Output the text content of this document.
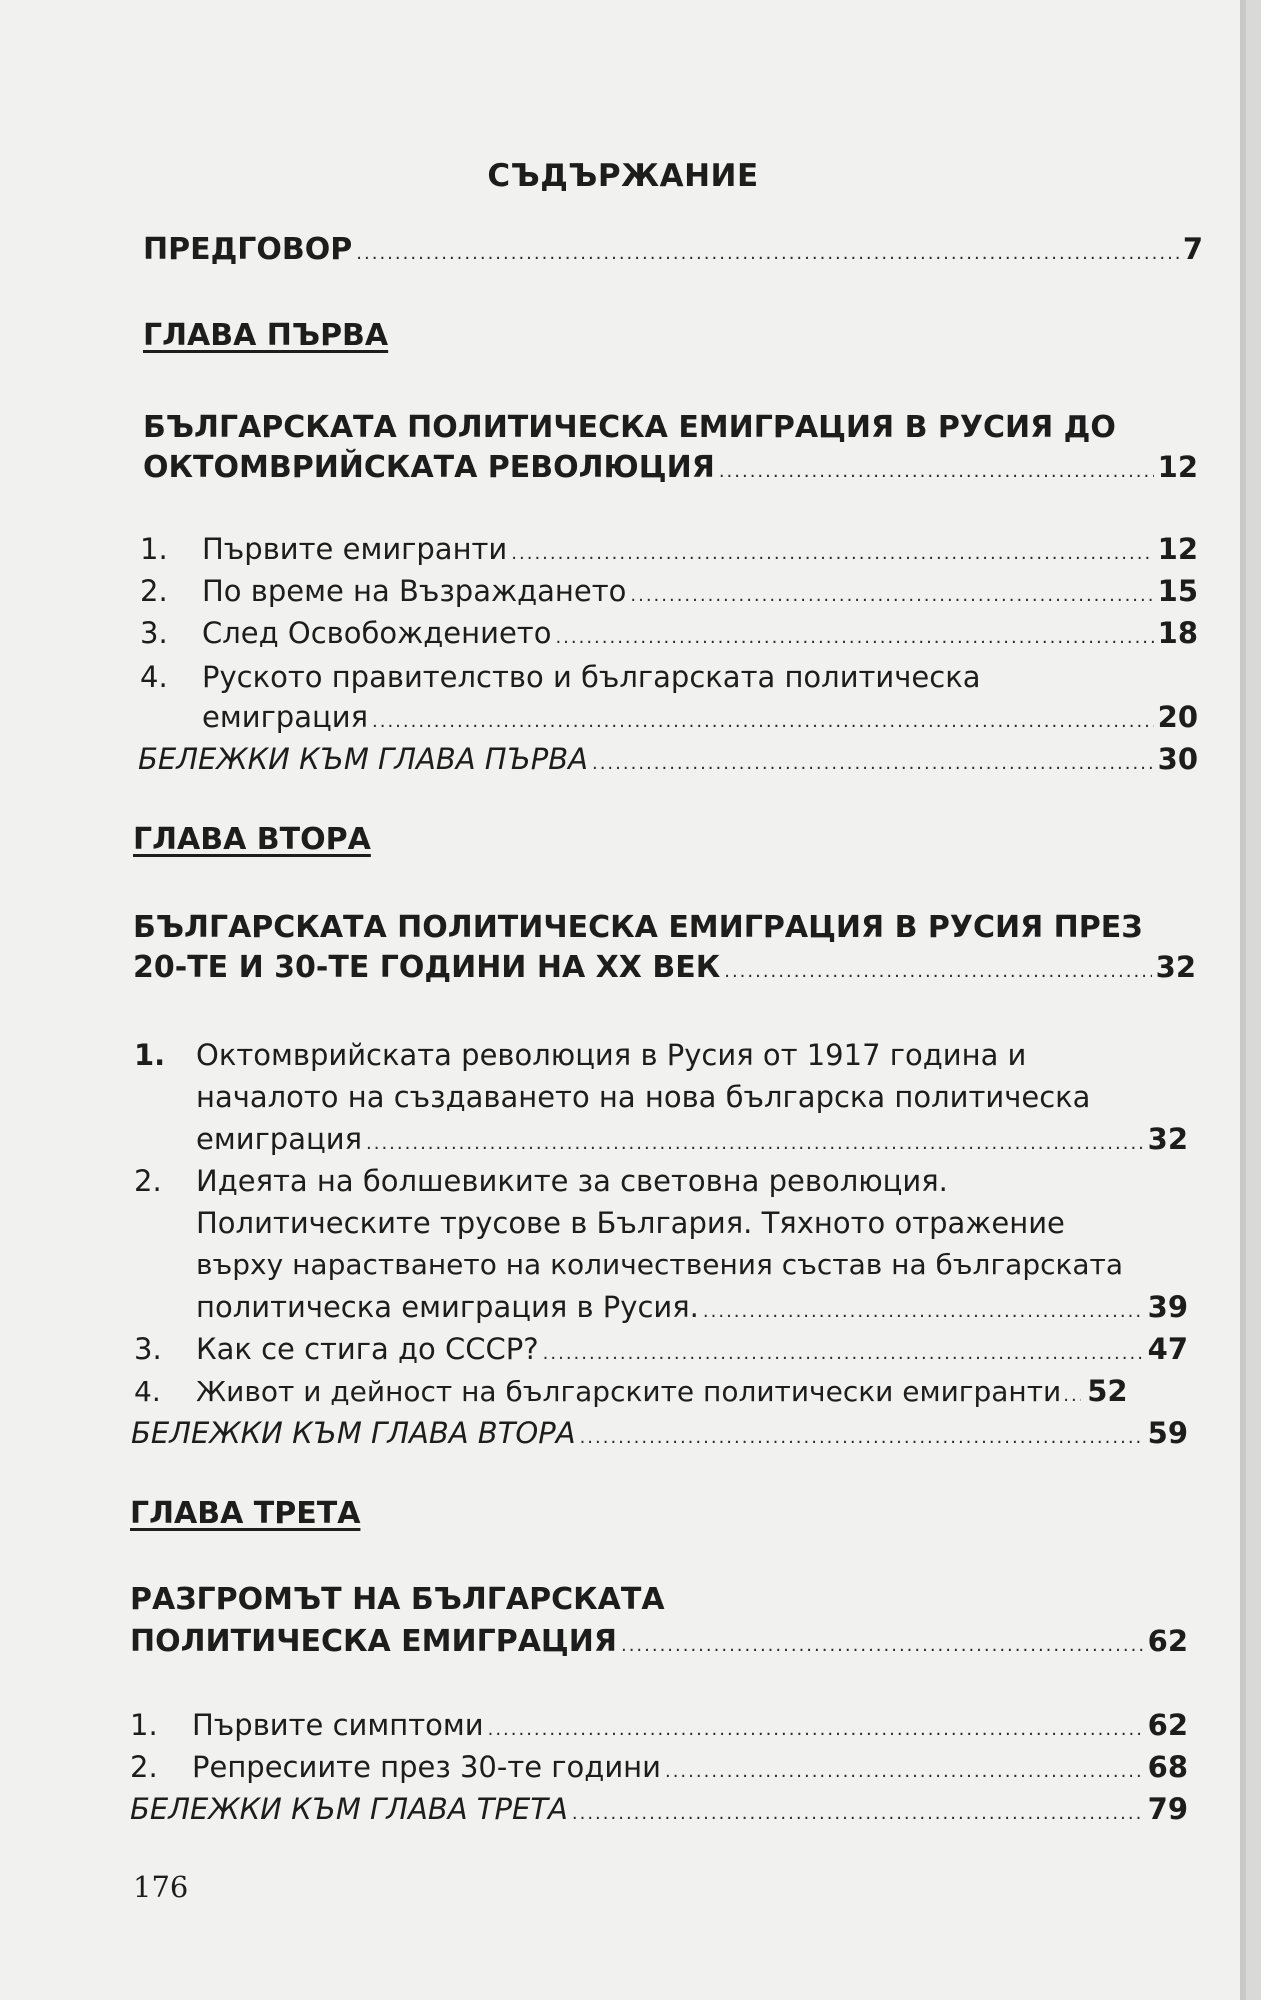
СЪДЪРЖАНИЕ
ПРЕДГОВОР .....	7
ГЛАВА ПЪРВА
БЪЛГАРСКАТА ПОЛИТИЧЕСКА ЕМИГРАЦИЯ В РУСИЯ ДО
ОКТОМВРИЙСКАТА РЕВОЛЮЦИЯ .....	12
1. Първите емигранти .....	12
2. По време на Възраждането .....	15
3. След Освобождението .....	18
4. Руското правителство и българската политическа
емиграция .....	20
БЕЛЕЖКИ КЪМ ГЛАВА ПЪРВА .....	30
ГЛАВА ВТОРА
БЪЛГАРСКАТА ПОЛИТИЧЕСКА ЕМИГРАЦИЯ В РУСИЯ ПРЕЗ
20-ТЕ И 30-ТЕ ГОДИНИ НА XX ВЕК .....	32
1. Октомврийската революция в Русия от 1917 година и
началото на създаването на нова българска политическа
емиграция .....	32
2. Идеята на болшевиките за световна революция.
Политическите трусове в България. Тяхното отражение
върху нарастването на количествения състав на българската
политическа емиграция в Русия. .....	39
3. Как се стига до СССР? .....	47
4. Живот и дейност на българските политически емигранти ..... 52
БЕЛЕЖКИ КЪМ ГЛАВА ВТОРА .....	59
ГЛАВА ТРЕТА
РАЗГРОМЪТ НА БЪЛГАРСКАТА
ПОЛИТИЧЕСКА ЕМИГРАЦИЯ .....	62
1. Първите симптоми .....	62
2. Репресиите през 30-те години .....	68
БЕЛЕЖКИ КЪМ ГЛАВА ТРЕТА .....	79
176
